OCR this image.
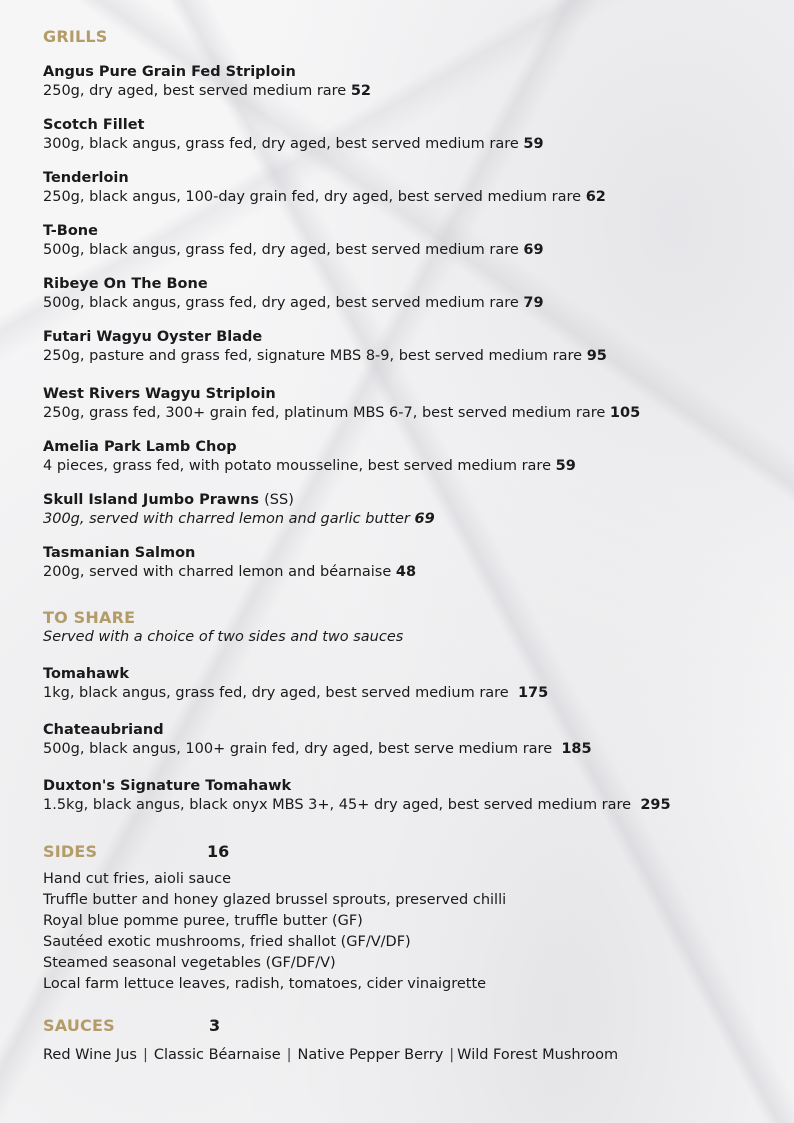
GRILLS
Angus Pure Grain Fed Striploin
250g, dry aged, best served medium rare 52
Scotch Fillet
300g, black angus, grass fed, dry aged, best served medium rare 59
Tenderloin
250g, black angus, 100-day grain fed, dry aged, best served medium rare 62
T-Bone
500g, black angus, grass fed, dry aged, best served medium rare 69
Ribeye On The Bone
500g, black angus, grass fed, dry aged, best served medium rare 79
Futari Wagyu Oyster Blade
250g, pasture and grass fed, signature MBS 8-9, best served medium rare 95
West Rivers Wagyu Striploin
250g, grass fed, 300+ grain fed, platinum MBS 6-7, best served medium rare 105
Amelia Park Lamb Chop
4 pieces, grass fed, with potato mousseline, best served medium rare 59
Skull Island Jumbo Prawns (SS)
300g, served with charred lemon and garlic butter 69
Tasmanian Salmon
200g, served with charred lemon and béarnaise 48
TO SHARE
Served with a choice of two sides and two sauces
Tomahawk
1kg, black angus, grass fed, dry aged, best served medium rare 175
Chateaubriand
500g, black angus, 100+ grain fed, dry aged, best serve medium rare 185
Duxton's Signature Tomahawk
1.5kg, black angus, black onyx MBS 3+, 45+ dry aged, best served medium rare 295
SIDES	16
Hand cut fries, aioli sauce
Truffle butter and honey glazed brussel sprouts, preserved chilli
Royal blue pomme puree, truffle butter (GF)
Sautéed exotic mushrooms, fried shallot (GF/V/DF)
Steamed seasonal vegetables (GF/DF/V)
Local farm lettuce leaves, radish, tomatoes, cider vinaigrette
SAUCES	3
Red Wine Jus | Classic Béarnaise | Native Pepper Berry | Wild Forest Mushroom
